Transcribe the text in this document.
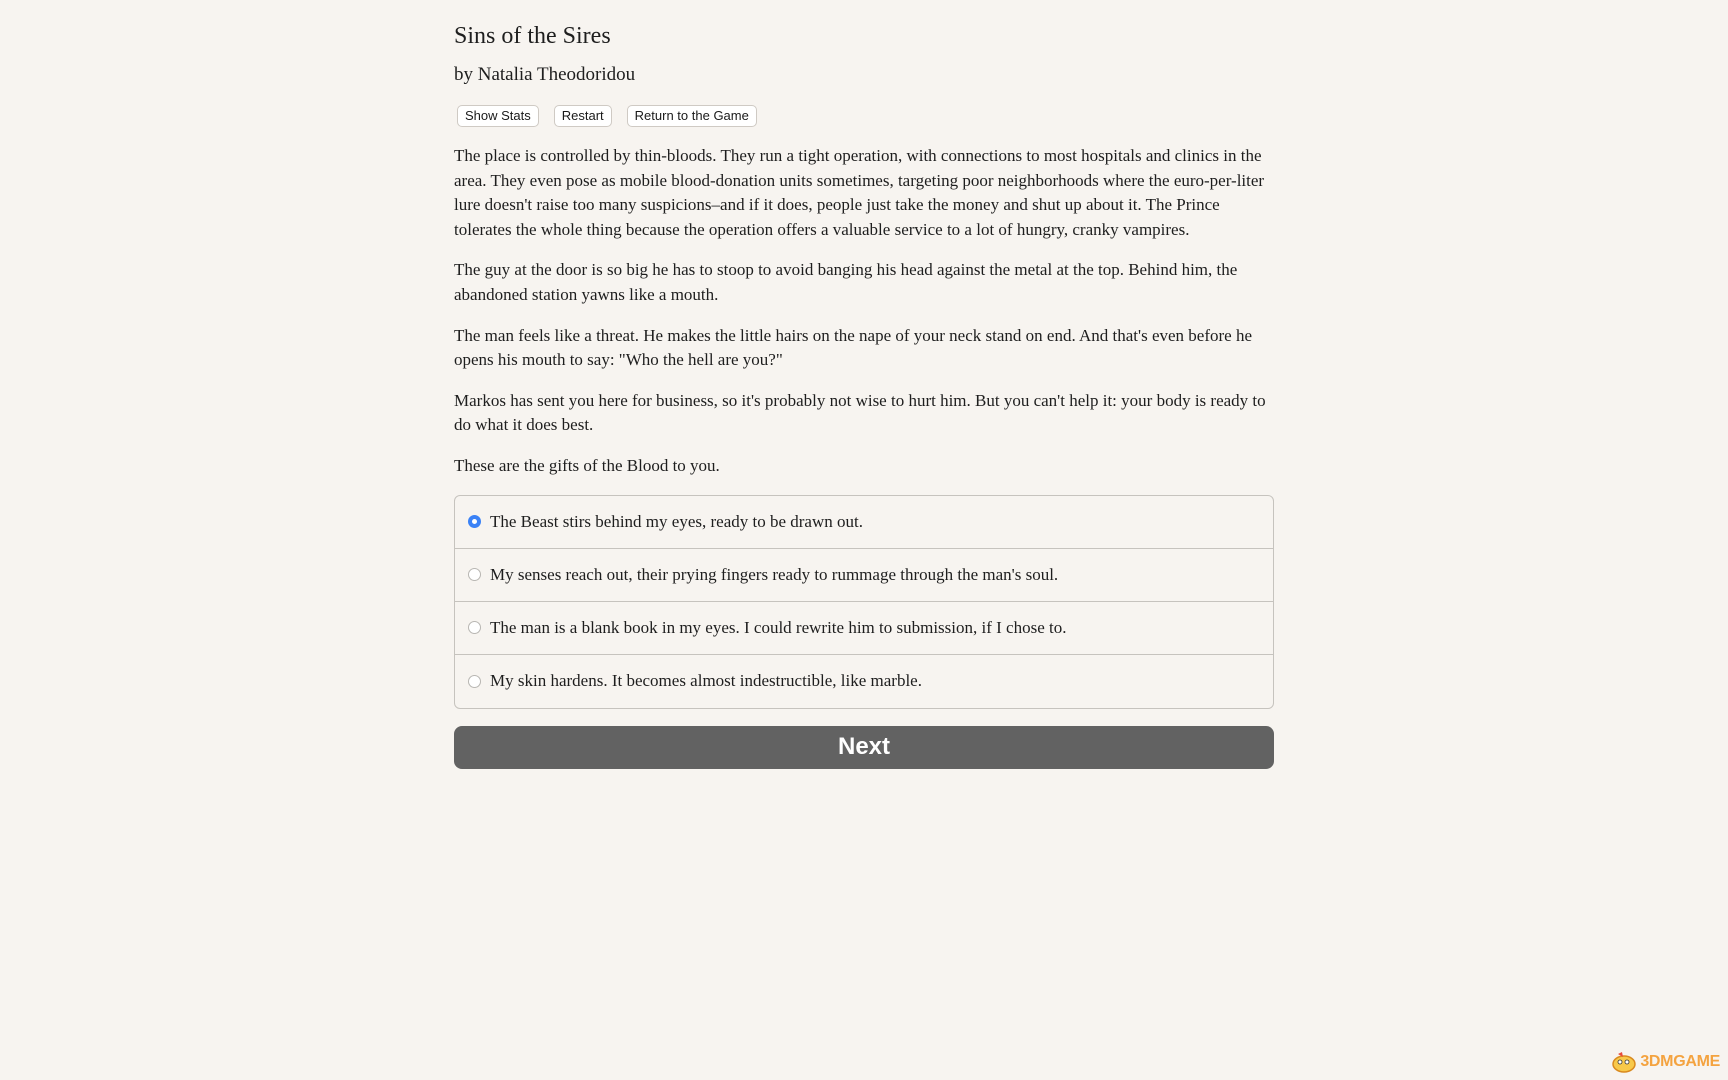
Sins of the Sires
by Natalia Theodoridou
Show Stats	Restart	Return to the Game

The place is controlled by thin-bloods. They run a tight operation, with connections to most hospitals and clinics in the area. They even pose as mobile blood-donation units sometimes, targeting poor neighborhoods where the euro-per-liter lure doesn't raise too many suspicions–and if it does, people just take the money and shut up about it. The Prince tolerates the whole thing because the operation offers a valuable service to a lot of hungry, cranky vampires.

The guy at the door is so big he has to stoop to avoid banging his head against the metal at the top. Behind him, the abandoned station yawns like a mouth.

The man feels like a threat. He makes the little hairs on the nape of your neck stand on end. And that's even before he opens his mouth to say: "Who the hell are you?"

Markos has sent you here for business, so it's probably not wise to hurt him. But you can't help it: your body is ready to do what it does best.

These are the gifts of the Blood to you.

The Beast stirs behind my eyes, ready to be drawn out.
My senses reach out, their prying fingers ready to rummage through the man's soul.
The man is a blank book in my eyes. I could rewrite him to submission, if I chose to.
My skin hardens. It becomes almost indestructible, like marble.
Next
3DMGAME
